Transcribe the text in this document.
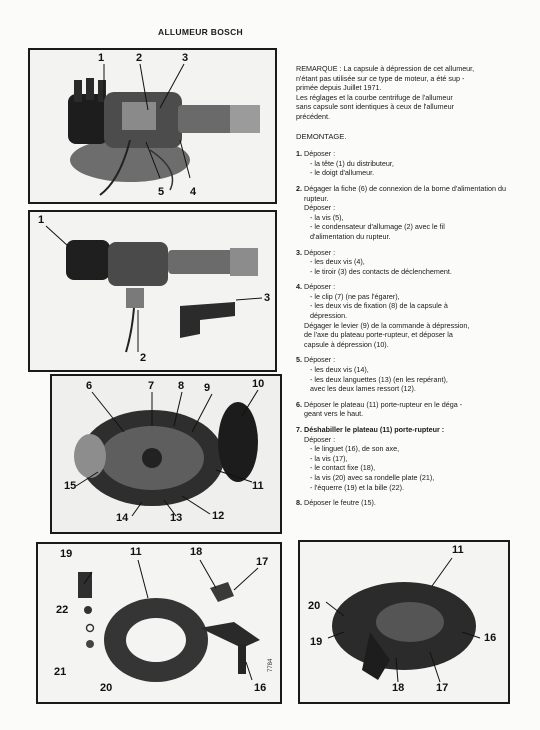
ALLUMEUR BOSCH
1	2	3
4
5
1
2
3
6	7 8 9	10
11
12
13
14
15
19	11	18
17
22
21
20	16
11
20
19	16
18	17
7784

REMARQUE : La capsule à dépression de cet allumeur,

n'étant pas utilisée sur ce type de moteur, a été sup -

primée depuis Juillet 1971.

Les réglages et la courbe centrifuge de l'allumeur

sans capsule sont identiques à ceux de l'allumeur

précédent.

DEMONTAGE.
1. Déposer :
- la tête (1) du distributeur,
- le doigt d'allumeur.
2. Dégager la fiche (6) de connexion de la borne d'alimentation du rupteur.
Déposer :
- la vis (5),
- le condensateur d'allumage (2) avec le fil
d'alimentation du rupteur.
3. Déposer :
- les deux vis (4),
- le tiroir (3) des contacts de déclenchement.
4. Déposer :
- le clip (7) (ne pas l'égarer),
- les deux vis de fixation (8) de la capsule à
dépression.
Dégager le levier (9) de la commande à dépression,
de l'axe du plateau porte-rupteur, et déposer la
capsule à dépression (10).
5. Déposer :
- les deux vis (14),
- les deux languettes (13) (en les repérant),
avec les deux lames ressort (12).
6. Déposer le plateau (11) porte-rupteur en le déga -
geant vers le haut.
7. Déshabiller le plateau (11) porte-rupteur :
Déposer :
- le linguet (16), de son axe,
- la vis (17),
- le contact fixe (18),
- la vis (20) avec sa rondelle plate (21),
- l'équerre (19) et la bille (22).
8. Déposer le feutre (15).
